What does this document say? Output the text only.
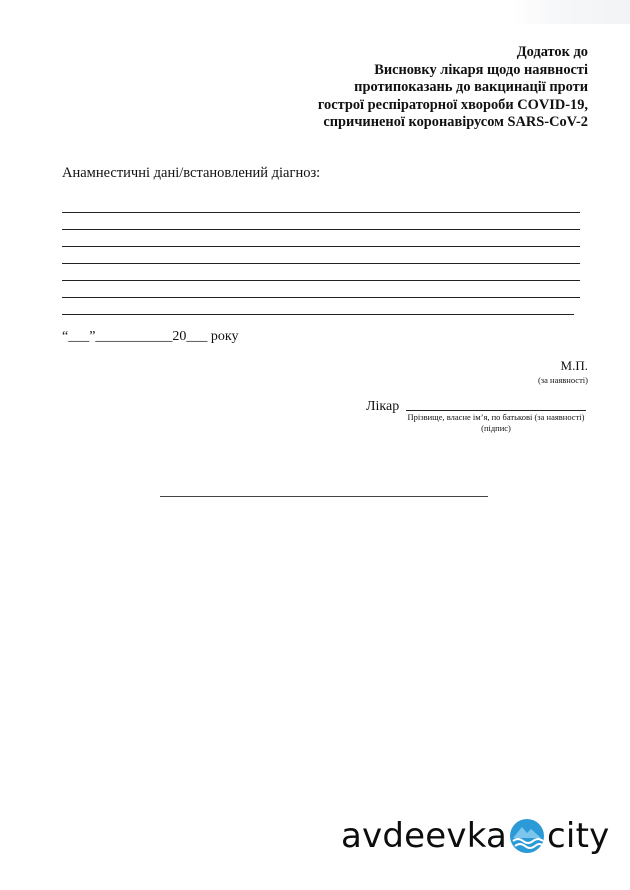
Додаток до
Висновку лікаря щодо наявності
протипоказань до вакцинації проти
гострої респіраторної хвороби COVID-19,
спричиненої коронавірусом SARS-CoV-2
Анамнестичні дані/встановлений діагноз:
“___”___________20___ року
М.П.
(за наявності)
Лікар
Прізвище, власне ім’я, по батькові (за наявності)
(підпис)
avdeevka city
